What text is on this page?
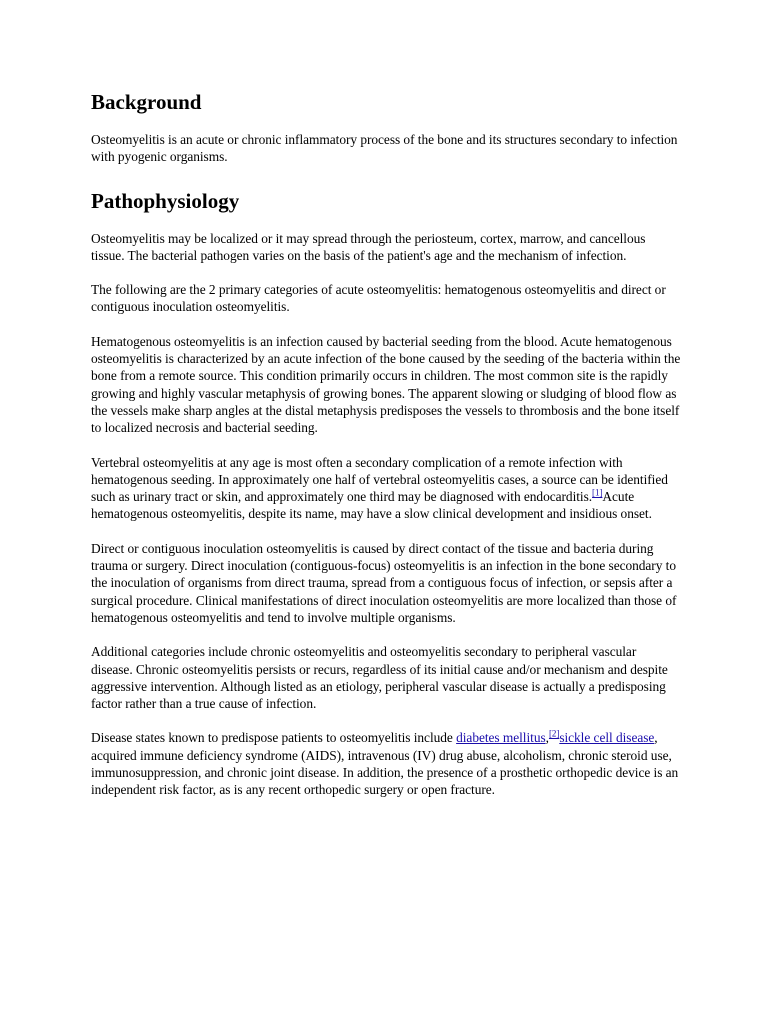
Background

Osteomyelitis is an acute or chronic inflammatory process of the bone and its structures secondary to infection with pyogenic organisms.

Pathophysiology

Osteomyelitis may be localized or it may spread through the periosteum, cortex, marrow, and cancellous tissue. The bacterial pathogen varies on the basis of the patient's age and the mechanism of infection.

The following are the 2 primary categories of acute osteomyelitis: hematogenous osteomyelitis and direct or contiguous inoculation osteomyelitis.

Hematogenous osteomyelitis is an infection caused by bacterial seeding from the blood. Acute hematogenous osteomyelitis is characterized by an acute infection of the bone caused by the seeding of the bacteria within the bone from a remote source. This condition primarily occurs in children. The most common site is the rapidly growing and highly vascular metaphysis of growing bones. The apparent slowing or sludging of blood flow as the vessels make sharp angles at the distal metaphysis predisposes the vessels to thrombosis and the bone itself to localized necrosis and bacterial seeding.

Vertebral osteomyelitis at any age is most often a secondary complication of a remote infection with hematogenous seeding. In approximately one half of vertebral osteomyelitis cases, a source can be identified such as urinary tract or skin, and approximately one third may be diagnosed with endocarditis.[1]Acute hematogenous osteomyelitis, despite its name, may have a slow clinical development and insidious onset.

Direct or contiguous inoculation osteomyelitis is caused by direct contact of the tissue and bacteria during trauma or surgery. Direct inoculation (contiguous-focus) osteomyelitis is an infection in the bone secondary to the inoculation of organisms from direct trauma, spread from a contiguous focus of infection, or sepsis after a surgical procedure. Clinical manifestations of direct inoculation osteomyelitis are more localized than those of hematogenous osteomyelitis and tend to involve multiple organisms.

Additional categories include chronic osteomyelitis and osteomyelitis secondary to peripheral vascular disease. Chronic osteomyelitis persists or recurs, regardless of its initial cause and/or mechanism and despite aggressive intervention. Although listed as an etiology, peripheral vascular disease is actually a predisposing factor rather than a true cause of infection.

Disease states known to predispose patients to osteomyelitis include diabetes mellitus,[2]sickle cell disease, acquired immune deficiency syndrome (AIDS), intravenous (IV) drug abuse, alcoholism, chronic steroid use, immunosuppression, and chronic joint disease. In addition, the presence of a prosthetic orthopedic device is an independent risk factor, as is any recent orthopedic surgery or open fracture.
